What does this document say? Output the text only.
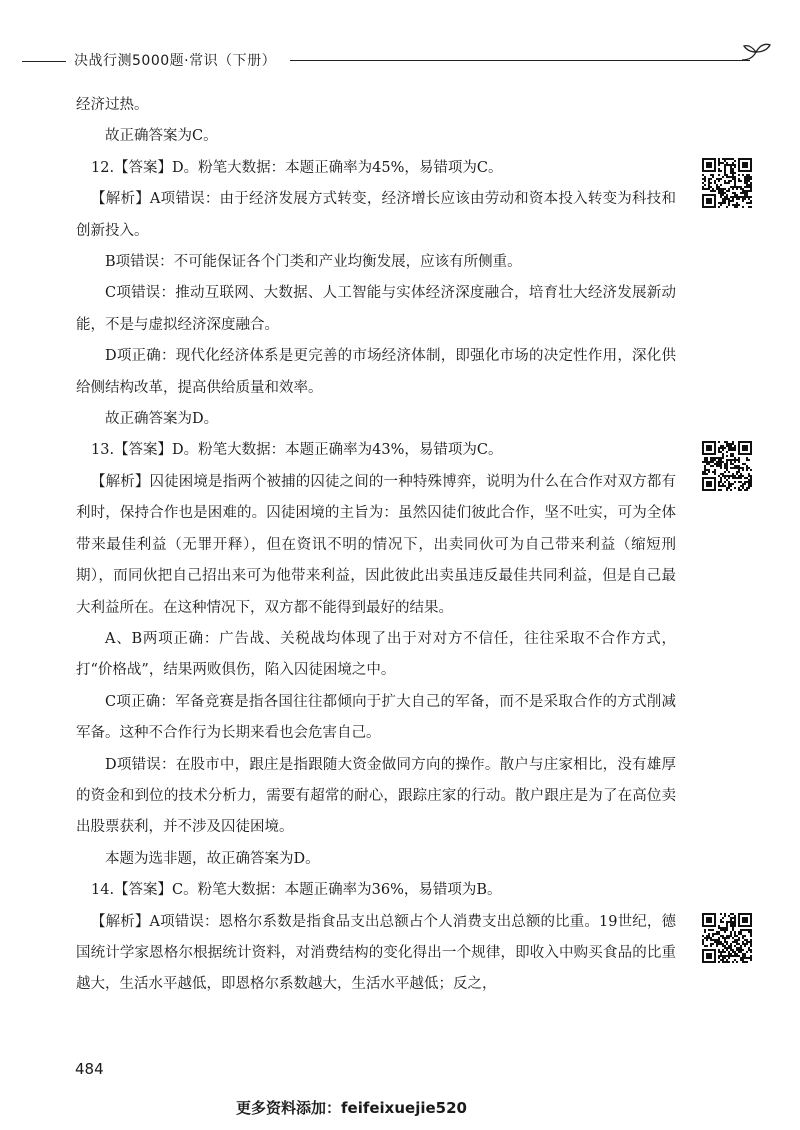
决战行测5000题·常识（下册）

经济过热。

故正确答案为C。

12.【答案】D。粉笔大数据：本题正确率为45%，易错项为C。

【解析】A项错误：由于经济发展方式转变，经济增长应该由劳动和资本投入转变为科技和创新投入。

B项错误：不可能保证各个门类和产业均衡发展，应该有所侧重。

C项错误：推动互联网、大数据、人工智能与实体经济深度融合，培育壮大经济发展新动能，不是与虚拟经济深度融合。

D项正确：现代化经济体系是更完善的市场经济体制，即强化市场的决定性作用，深化供给侧结构改革，提高供给质量和效率。

故正确答案为D。

13.【答案】D。粉笔大数据：本题正确率为43%，易错项为C。

【解析】囚徒困境是指两个被捕的囚徒之间的一种特殊博弈，说明为什么在合作对双方都有利时，保持合作也是困难的。囚徒困境的主旨为：虽然囚徒们彼此合作，坚不吐实，可为全体带来最佳利益（无罪开释），但在资讯不明的情况下，出卖同伙可为自己带来利益（缩短刑期），而同伙把自己招出来可为他带来利益，因此彼此出卖虽违反最佳共同利益，但是自己最大利益所在。在这种情况下，双方都不能得到最好的结果。

A、B两项正确：广告战、关税战均体现了出于对对方不信任，往往采取不合作方式，打“价格战”，结果两败俱伤，陷入囚徒困境之中。

C项正确：军备竞赛是指各国往往都倾向于扩大自己的军备，而不是采取合作的方式削减军备。这种不合作行为长期来看也会危害自己。

D项错误：在股市中，跟庄是指跟随大资金做同方向的操作。散户与庄家相比，没有雄厚的资金和到位的技术分析力，需要有超常的耐心，跟踪庄家的行动。散户跟庄是为了在高位卖出股票获利，并不涉及囚徒困境。

本题为选非题，故正确答案为D。

14.【答案】C。粉笔大数据：本题正确率为36%，易错项为B。

【解析】A项错误：恩格尔系数是指食品支出总额占个人消费支出总额的比重。19世纪，德国统计学家恩格尔根据统计资料，对消费结构的变化得出一个规律，即收入中购买食品的比重越大，生活水平越低，即恩格尔系数越大，生活水平越低；反之，

484
更多资料添加：feifeixuejie520
